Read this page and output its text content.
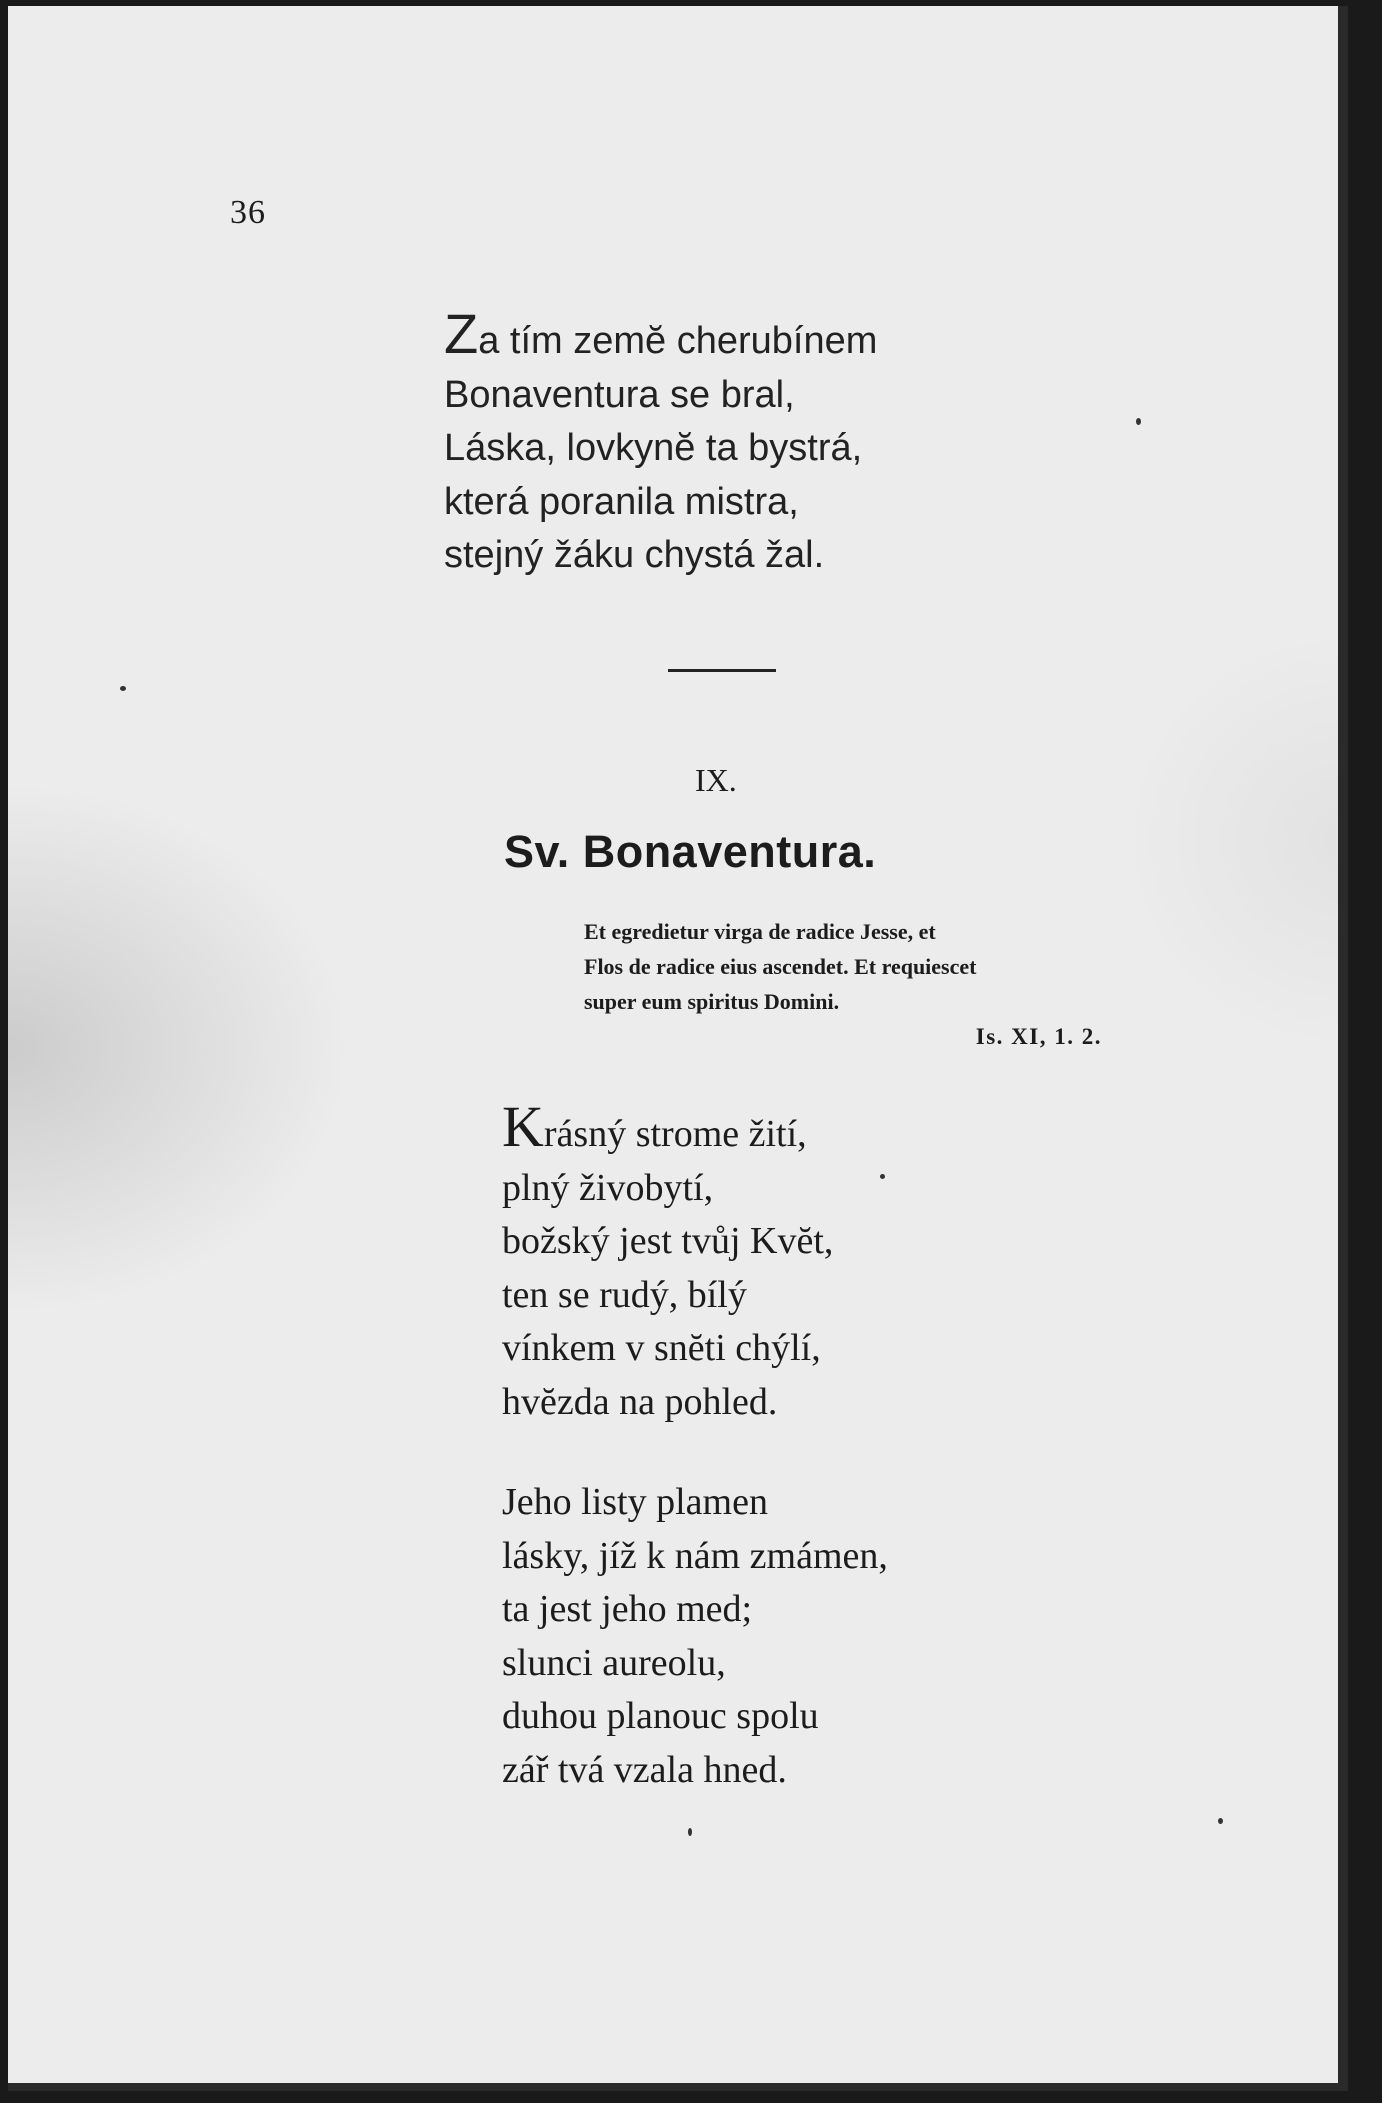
36
Za tím zemĕ cherubínem
Bonaventura se bral,
Láska, lovkynĕ ta bystrá,
která poranila mistra,
stejný žáku chystá žal.
IX.
Sv. Bonaventura.
Et egredietur virga de radice Jesse, et
Flos de radice eius ascendet. Et requiescet
super eum spiritus Domini.
Is. XI, 1. 2.
Krásný strome žití,
plný živobytí,
božský jest tvůj Kvĕt,
ten se rudý, bílý
vínkem v snĕti chýlí,
hvĕzda na pohled.
Jeho listy plamen
lásky, jíž k nám zmámen,
ta jest jeho med;
slunci aureolu,
duhou planouc spolu
zář tvá vzala hned.
